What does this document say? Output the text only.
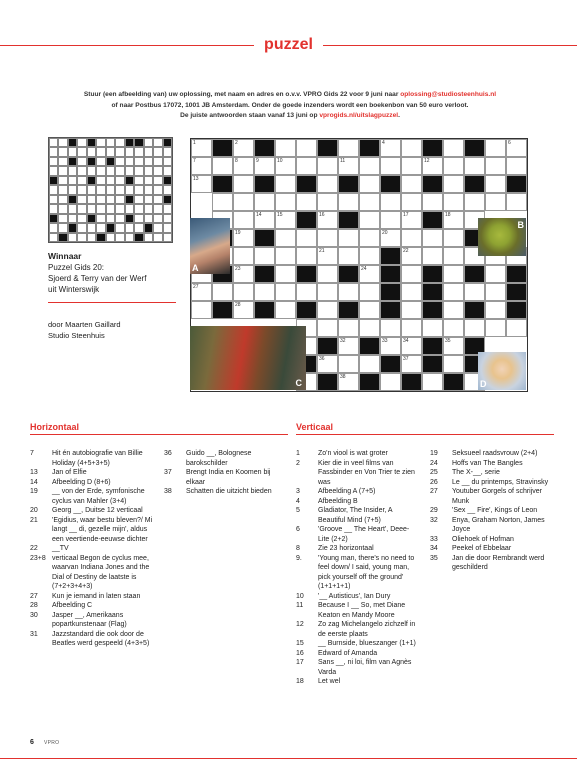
puzzel
Stuur (een afbeelding van) uw oplossing, met naam en adres en o.v.v. VPRO Gids 22 voor 9 juni naar oplossing@studiosteenhuis.nl
of naar Postbus 17072, 1001 JB Amsterdam. Onder de goede inzenders wordt een boekenbon van 50 euro verloot.
De juiste antwoorden staan vanaf 13 juni op vprogids.nl/uitslagpuzzel.
Winnaar
Puzzel Gids 20:
Sjoerd & Terry van der Werf
uit Winterswijk
door Maarten Gaillard
Studio Steenhuis
1	2	4	6
7	8	9	10	11	12
13
14	15	16	17	18
19	20
21	22
23	24
27
28
32	33	34	35
36	37
38
A
B
C	D
Horizontaal	Verticaal
7	Hit én autobiografie van Billie Holiday (4+5+3+5)
13	Jan of Elfie
14	Afbeelding D (8+6)
19	__ von der Erde, symfonische cyclus van Mahler (3+4)
20	Georg __, Duitse 12 verticaal
21	'Egidius, waar bestu bleven?/ Mi langt __ di, gezelle mijn', aldus een veertiende-eeuwse dichter
22	__TV
23+8 verticaal Begon de cyclus mee, waarvan Indiana Jones and the Dial of Destiny de laatste is (7+2+3+4+3)
27	Kun je iemand in laten staan
28	Afbeelding C
30	Jasper __, Amerikaans popartkunstenaar (Flag)
31	Jazzstandard die ook door de Beatles werd gespeeld (4+3+5)
36	Guido __, Bolognese barokschilder
37	Brengt India en Koomen bij elkaar
38	Schatten die uitzicht bieden
1	Zo'n viool is wat groter
2	Kier die in veel films van Fassbinder en Von Trier te zien was
3	Afbeelding A (7+5)
4	Afbeelding B
5	Gladiator, The Insider, A Beautiful Mind (7+5)
6	'Groove __ The Heart', Deee-Lite (2+2)
8	Zie 23 horizontaal
9.	'Young man, there's no need to feel down/ I said, young man, pick yourself off the ground' (1+1+1+1)
10	'__ Autisticus', Ian Dury
11	Because I __ So, met Diane Keaton en Mandy Moore
12	Zo zag Michelangelo zichzelf in de eerste plaats
15	__ Burnside, blueszanger (1+1)
16	Edward of Amanda
17	Sans __, ni loi, film van Agnès Varda
18	Let wel
19	Seksueel raadsvrouw (2+4)
24	Hoffs van The Bangles
25	The X-__, serie
26	Le __ du printemps, Stravinsky
27	Youtuber Gorgels of schrijver Munk
29	'Sex __ Fire', Kings of Leon
32	Enya, Graham Norton, James Joyce
33	Oliehoek of Hofman
34	Peekel of Ebbelaar
35	Jan die door Rembrandt werd geschilderd
6 VPRO
